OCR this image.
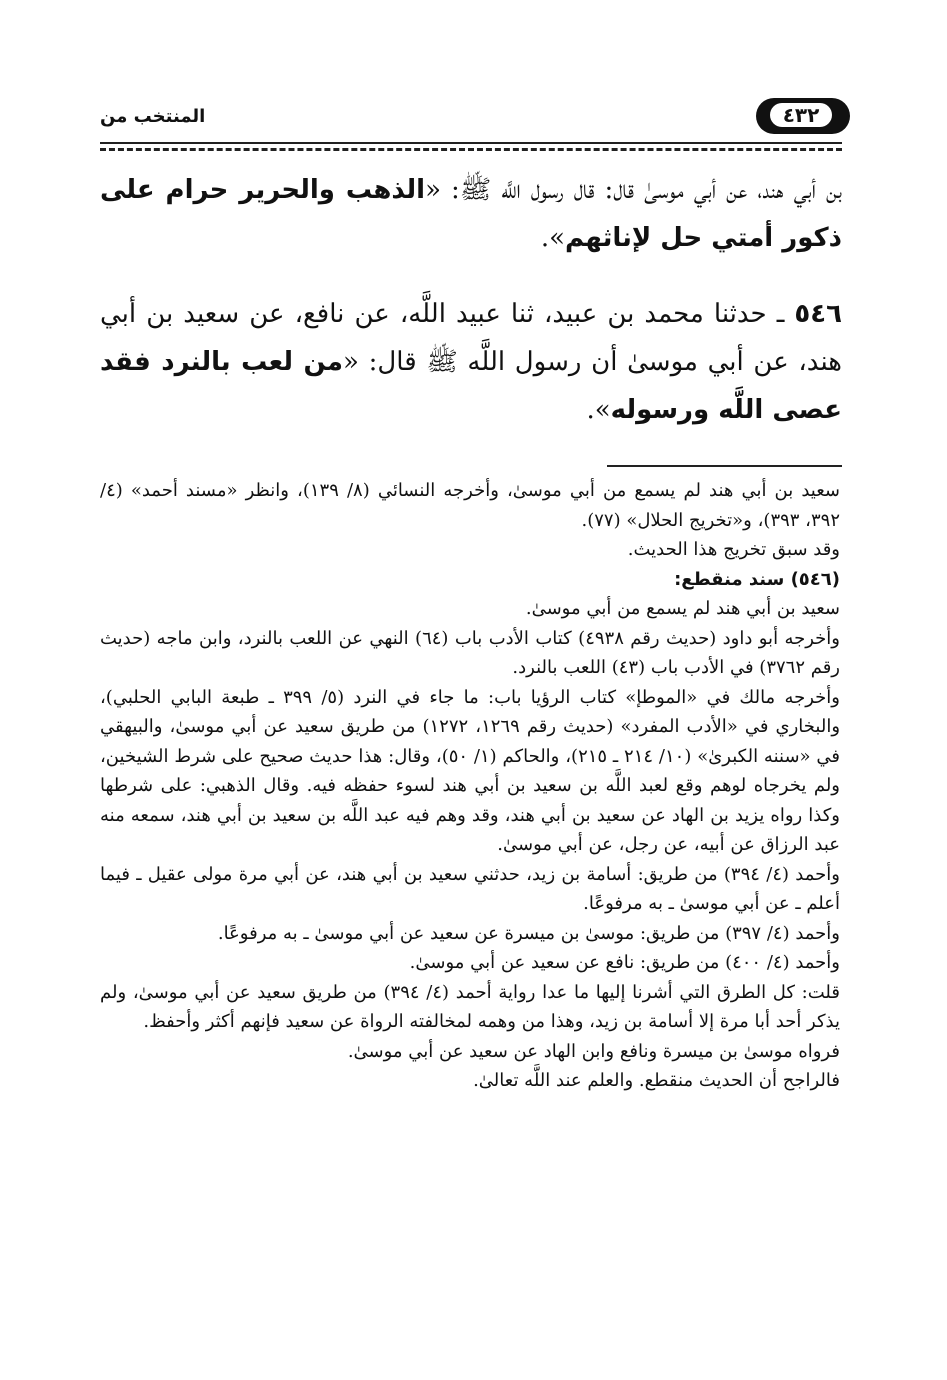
٤٣٢
المنتخب من

بن أبي هند، عن أبي موسىٰ قال: قال رسول اللَّه ﷺ: «الذهب والحرير حرام على ذكور أمتي حل لإناثهم».

٥٤٦ ـ حدثنا محمد بن عبيد، ثنا عبيد اللَّه، عن نافع، عن سعيد بن أبي هند، عن أبي موسىٰ أن رسول اللَّه ﷺ قال: «من لعب بالنرد فقد عصى اللَّه ورسوله».

سعيد بن أبي هند لم يسمع من أبي موسىٰ، وأخرجه النسائي (٨/ ١٣٩)، وانظر «مسند أحمد» (٤/ ٣٩٢، ٣٩٣)، و«تخريج الحلال» (٧٧).

وقد سبق تخريج هذا الحديث.

(٥٤٦) سند منقطع:

سعيد بن أبي هند لم يسمع من أبي موسىٰ.

وأخرجه أبو داود (حديث رقم ٤٩٣٨) كتاب الأدب باب (٦٤) النهي عن اللعب بالنرد، وابن ماجه (حديث رقم ٣٧٦٢) في الأدب باب (٤٣) اللعب بالنرد.

وأخرجه مالك في «الموطإ» كتاب الرؤيا باب: ما جاء في النرد (٥/ ٣٩٩ ـ طبعة البابي الحلبي)، والبخاري في «الأدب المفرد» (حديث رقم ١٢٦٩، ١٢٧٢) من طريق سعيد عن أبي موسىٰ، والبيهقي في «سننه الكبرىٰ» (١٠/ ٢١٤ ـ ٢١٥)، والحاكم (١/ ٥٠)، وقال: هذا حديث صحيح على شرط الشيخين، ولم يخرجاه لوهم وقع لعبد اللَّه بن سعيد بن أبي هند لسوء حفظه فيه. وقال الذهبي: على شرطها وكذا رواه يزيد بن الهاد عن سعيد بن أبي هند، وقد وهم فيه عبد اللَّه بن سعيد بن أبي هند، سمعه منه عبد الرزاق عن أبيه، عن رجل، عن أبي موسىٰ.

وأحمد (٤/ ٣٩٤) من طريق: أسامة بن زيد، حدثني سعيد بن أبي هند، عن أبي مرة مولى عقيل ـ فيما أعلم ـ عن أبي موسىٰ ـ به مرفوعًا.

وأحمد (٤/ ٣٩٧) من طريق: موسىٰ بن ميسرة عن سعيد عن أبي موسىٰ ـ به مرفوعًا.

وأحمد (٤/ ٤٠٠) من طريق: نافع عن سعيد عن أبي موسىٰ.

قلت: كل الطرق التي أشرنا إليها ما عدا رواية أحمد (٤/ ٣٩٤) من طريق سعيد عن أبي موسىٰ، ولم يذكر أحد أبا مرة إلا أسامة بن زيد، وهذا من وهمه لمخالفته الرواة عن سعيد فإنهم أكثر وأحفظ.

فرواه موسىٰ بن ميسرة ونافع وابن الهاد عن سعيد عن أبي موسىٰ.

فالراجح أن الحديث منقطع. والعلم عند اللَّه تعالىٰ.
